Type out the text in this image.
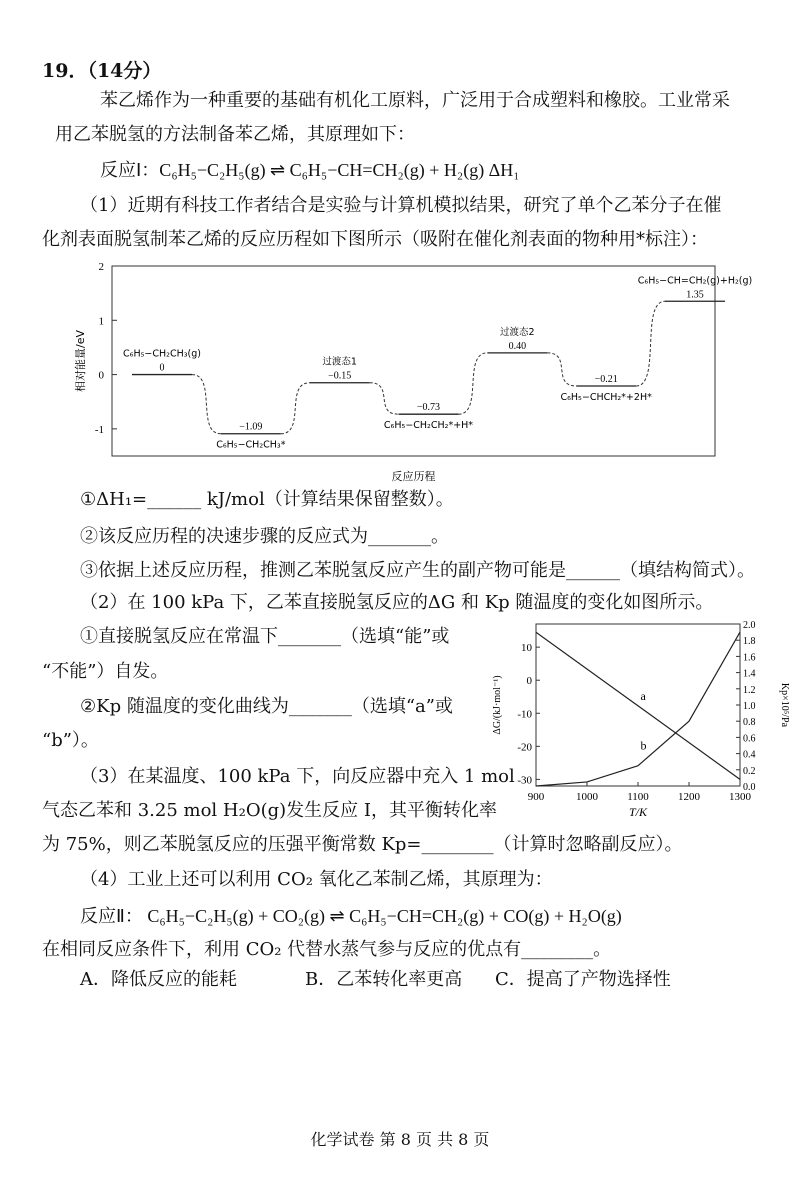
19．（14分）
苯乙烯作为一种重要的基础有机化工原料，广泛用于合成塑料和橡胶。工业常采
用乙苯脱氢的方法制备苯乙烯，其原理如下：
反应Ⅰ：C₆H₅−C₂H₅(g) ⇌ C₆H₅−CH=CH₂(g) + H₂(g) ΔH₁
（1）近期有科技工作者结合是实验与计算机模拟结果，研究了单个乙苯分子在催
化剂表面脱氢制苯乙烯的反应历程如下图所示（吸附在催化剂表面的物种用*标注）：
2
1
0
-1
相对能量/eV
反应历程
0
C₆H₅−CH₂CH₃(g)
−1.09
C₆H₅−CH₂CH₃*
−0.15
过渡态1
−0.73
C₆H₅−CH₂CH₂*+H*
0.40
过渡态2
−0.21
C₆H₅−CHCH₂*+2H*
1.35
C₆H₅−CH=CH₂(g)+H₂(g)
①ΔH₁=______ kJ/mol（计算结果保留整数）。
②该反应历程的决速步骤的反应式为_______。
③依据上述反应历程，推测乙苯脱氢反应产生的副产物可能是______（填结构简式）。
（2）在 100 kPa 下，乙苯直接脱氢反应的ΔG 和 Kp 随温度的变化如图所示。
①直接脱氢反应在常温下_______（选填“能”或
“不能”）自发。
②Kp 随温度的变化曲线为_______（选填“a”或
“b”）。
（3）在某温度、100 kPa 下，向反应器中充入 1 mol
气态乙苯和 3.25 mol H₂O(g)发生反应 I，其平衡转化率
为 75%，则乙苯脱氢反应的压强平衡常数 Kp=________（计算时忽略副反应）。
（4）工业上还可以利用 CO₂ 氧化乙苯制乙烯，其原理为：
反应Ⅱ： C₆H₅−C₂H₅(g) + CO₂(g) ⇌ C₆H₅−CH=CH₂(g) + CO(g) + H₂O(g)
在相同反应条件下，利用 CO₂ 代替水蒸气参与反应的优点有________。
A．降低反应的能耗	B．乙苯转化率更高 C．提高了产物选择性
900	1000	1100	1200	1300
10
0
-10
-20
-30
2.0
1.8
1.6
1.4
1.2
1.0
0.8
0.6
0.4
0.2
0.0
T/K
ΔG/(kJ·mol⁻¹)	Kp×10⁵/Pa
a
b
化学试卷 第 8 页 共 8 页
